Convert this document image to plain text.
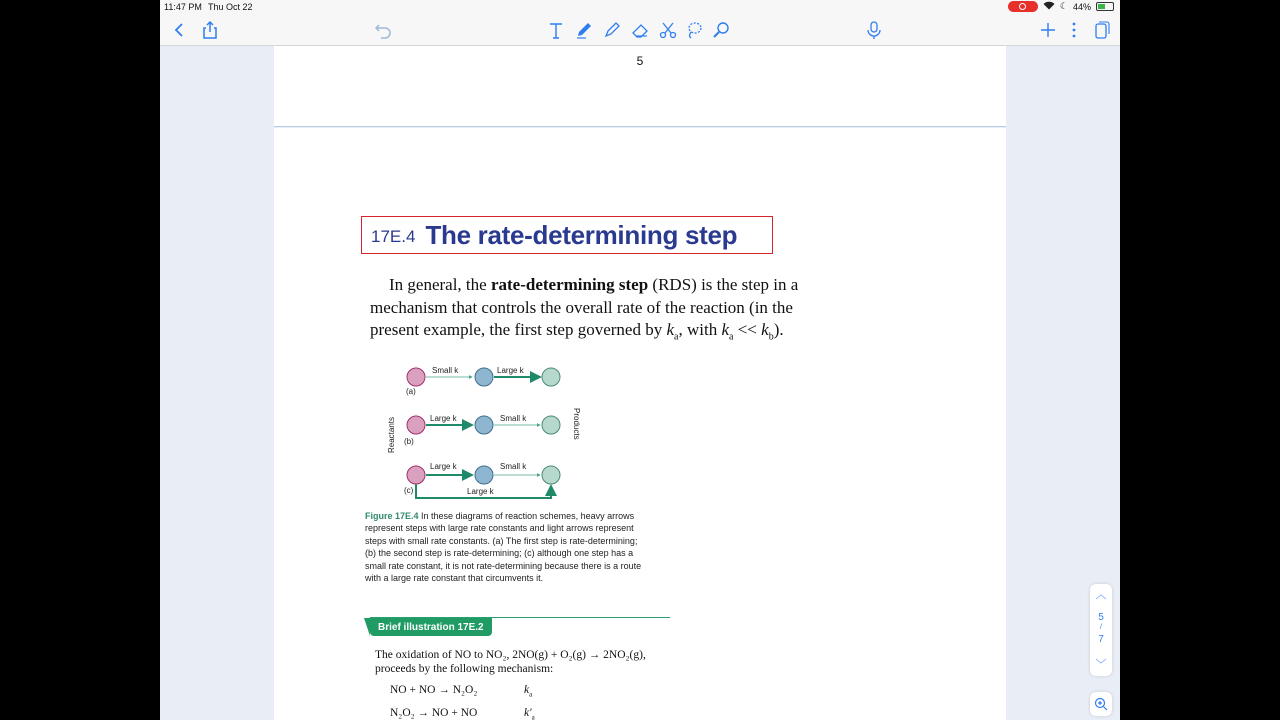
11:47 PM Thu Oct 22	☾ 44%
5
17E.4 The rate-determining step
In general, the rate-determining step (RDS) is the step in a mechanism that controls the overall rate of the reaction (in the present example, the first step governed by $k_a$, with $k_a << k_b$).
Small k	Large k
(a)
Large k	Small k
(b)
Reactants	Products
Large k	Small k
Large k
(c)
Figure 17E.4 In these diagrams of reaction schemes, heavy arrows represent steps with large rate constants and light arrows represent steps with small rate constants. (a) The first step is rate-determining; (b) the second step is rate-determining; (c) although one step has a small rate constant, it is not rate-determining because there is a route with a large rate constant that circumvents it.
Brief illustration 17E.2
The oxidation of NO to NO₂, 2NO(g) + O₂(g) → 2NO₂(g), proceeds by the following mechanism:
NO + NO → N₂O₂	$k_a$
N₂O₂ → NO + NO	$k'_a$
︿
5
/
7
﹀
